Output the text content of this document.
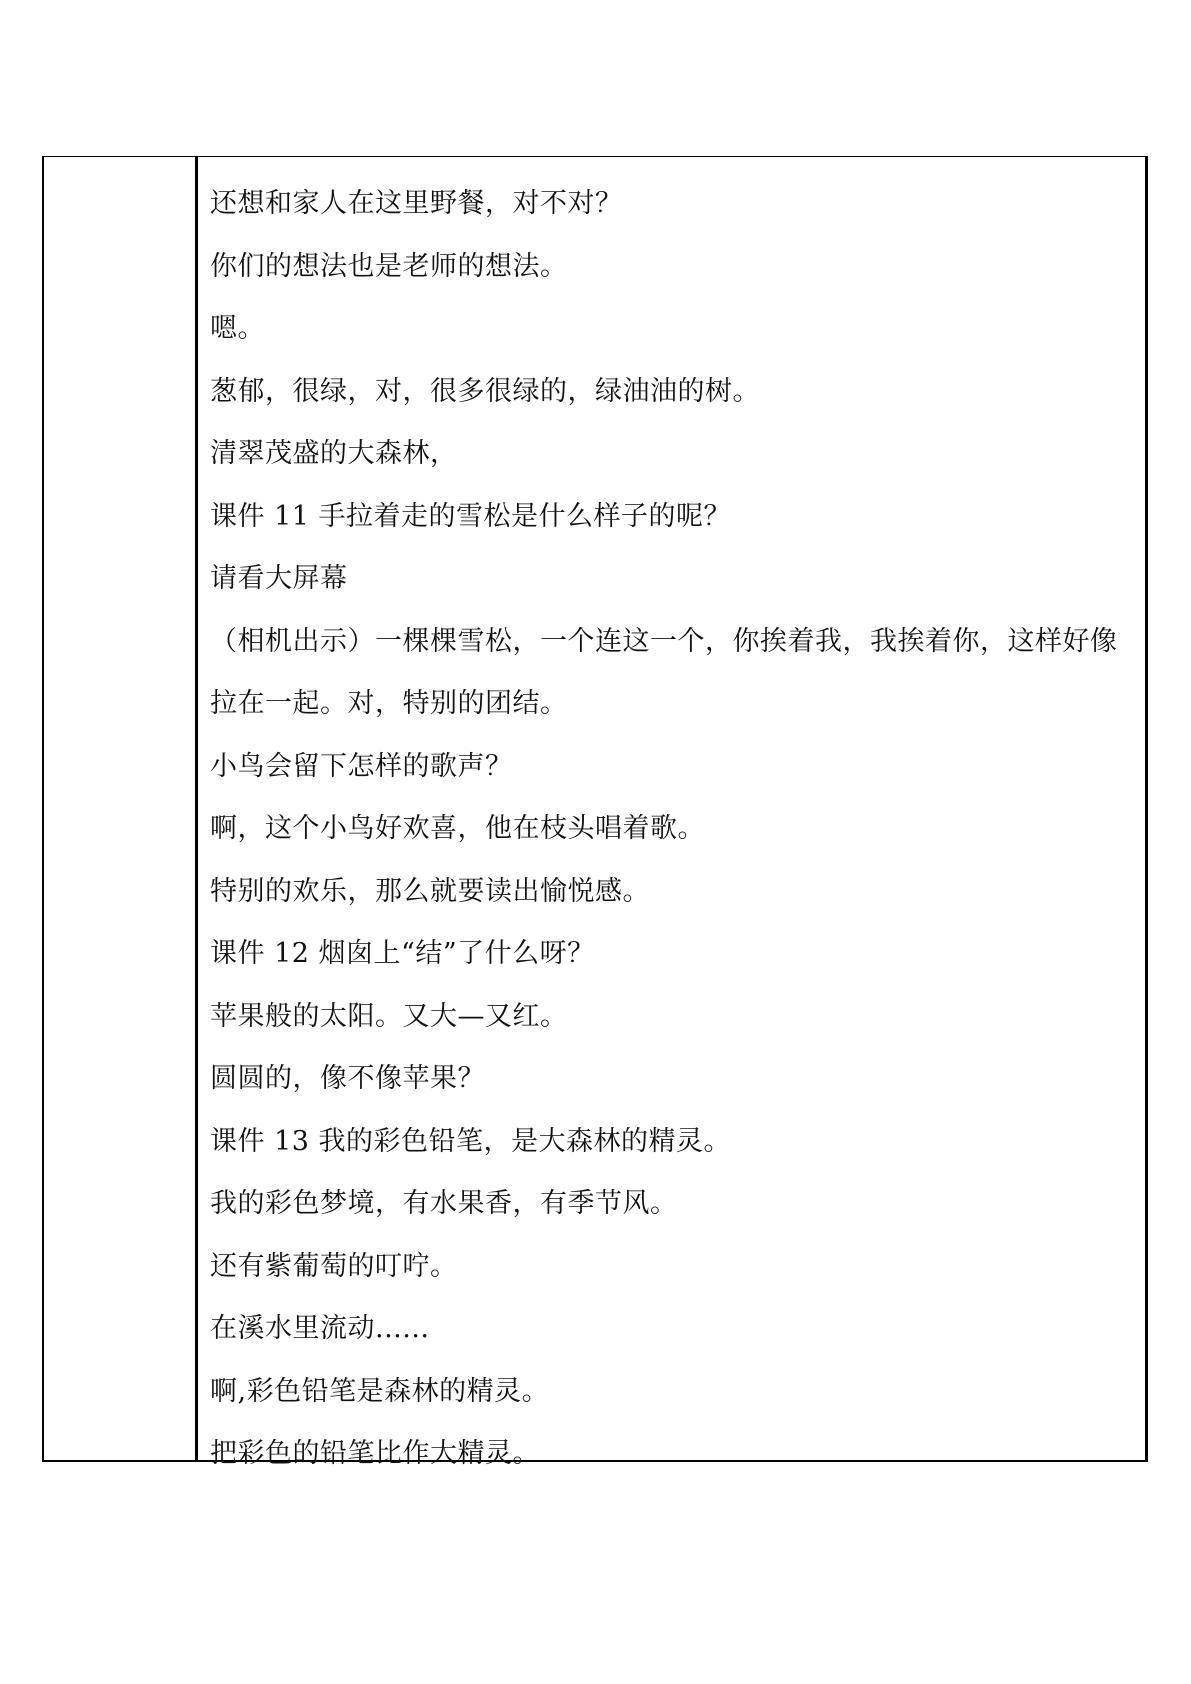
还想和家人在这里野餐，对不对？
你们的想法也是老师的想法。
嗯。
葱郁，很绿，对，很多很绿的，绿油油的树。
清翠茂盛的大森林，
课件 11 手拉着走的雪松是什么样子的呢？
请看大屏幕
（相机出示）一棵棵雪松，一个连这一个，你挨着我，我挨着你，这样好像
拉在一起。对，特别的团结。
小鸟会留下怎样的歌声？
啊，这个小鸟好欢喜，他在枝头唱着歌。
特别的欢乐，那么就要读出愉悦感。
课件 12 烟囱上“结”了什么呀？
苹果般的太阳。又大—又红。
圆圆的，像不像苹果？
课件 13 我的彩色铅笔，是大森林的精灵。
我的彩色梦境，有水果香，有季节风。
还有紫葡萄的叮咛。
在溪水里流动......
啊,彩色铅笔是森林的精灵。
把彩色的铅笔比作大精灵。
